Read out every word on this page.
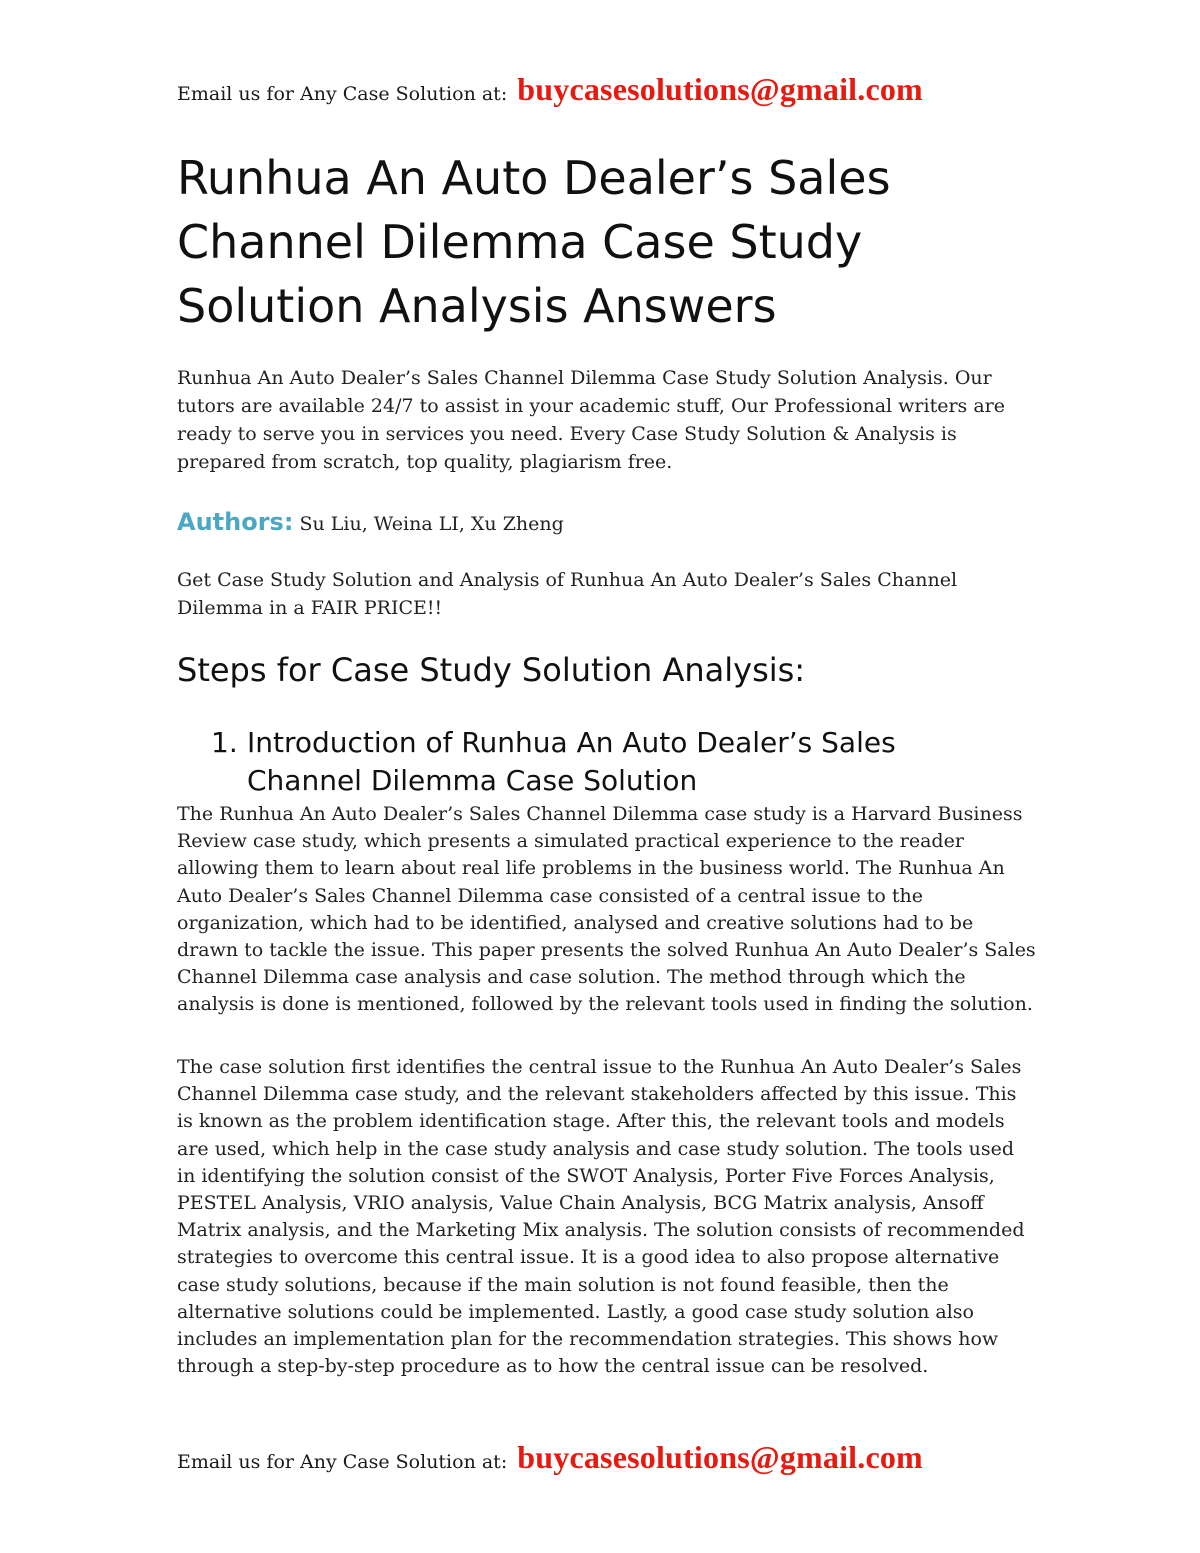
Email us for Any Case Solution at: buycasesolutions@gmail.com
Runhua An Auto Dealer’s Sales Channel Dilemma Case Study Solution Analysis Answers

Runhua An Auto Dealer’s Sales Channel Dilemma Case Study Solution Analysis. Our tutors are available 24/7 to assist in your academic stuff, Our Professional writers are ready to serve you in services you need. Every Case Study Solution & Analysis is prepared from scratch, top quality, plagiarism free.

Authors: Su Liu, Weina LI, Xu Zheng

Get Case Study Solution and Analysis of Runhua An Auto Dealer’s Sales Channel Dilemma in a FAIR PRICE!!

Steps for Case Study Solution Analysis:
1. Introduction of Runhua An Auto Dealer’s Sales Channel Dilemma Case Solution

The Runhua An Auto Dealer’s Sales Channel Dilemma case study is a Harvard Business Review case study, which presents a simulated practical experience to the reader allowing them to learn about real life problems in the business world. The Runhua An Auto Dealer’s Sales Channel Dilemma case consisted of a central issue to the organization, which had to be identified, analysed and creative solutions had to be drawn to tackle the issue. This paper presents the solved Runhua An Auto Dealer’s Sales Channel Dilemma case analysis and case solution. The method through which the analysis is done is mentioned, followed by the relevant tools used in finding the solution.

The case solution first identifies the central issue to the Runhua An Auto Dealer’s Sales Channel Dilemma case study, and the relevant stakeholders affected by this issue. This is known as the problem identification stage. After this, the relevant tools and models are used, which help in the case study analysis and case study solution. The tools used in identifying the solution consist of the SWOT Analysis, Porter Five Forces Analysis, PESTEL Analysis, VRIO analysis, Value Chain Analysis, BCG Matrix analysis, Ansoff Matrix analysis, and the Marketing Mix analysis. The solution consists of recommended strategies to overcome this central issue. It is a good idea to also propose alternative case study solutions, because if the main solution is not found feasible, then the alternative solutions could be implemented. Lastly, a good case study solution also includes an implementation plan for the recommendation strategies. This shows how through a step-by-step procedure as to how the central issue can be resolved.

Email us for Any Case Solution at: buycasesolutions@gmail.com
